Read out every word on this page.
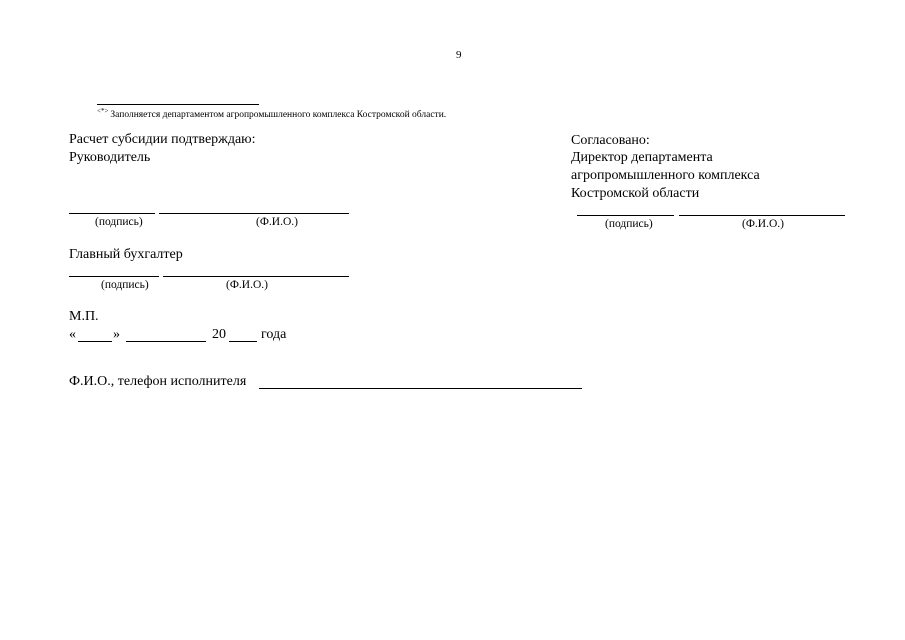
9
<*> Заполняется департаментом агропромышленного комплекса Костромской области.
Расчет субсидии подтверждаю:
Руководитель
(подпись)	(Ф.И.О.)
Главный бухгалтер
(подпись)	(Ф.И.О.)
М.П.
«	»	20	года
Ф.И.О., телефон исполнителя
Согласовано:
Директор департамента
агропромышленного комплекса
Костромской области
(подпись)	(Ф.И.О.)
